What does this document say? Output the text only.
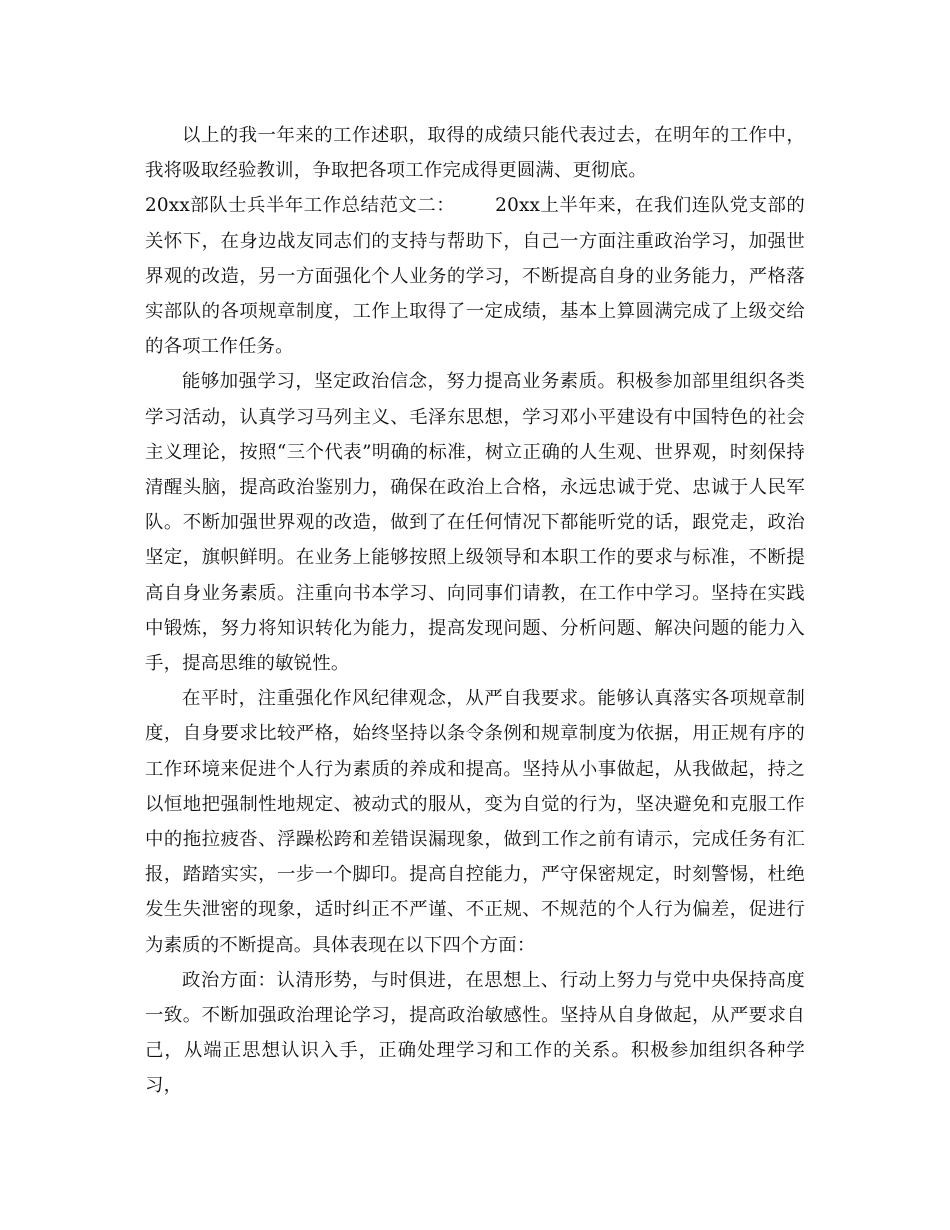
以上的我一年来的工作述职，取得的成绩只能代表过去，在明年的工作中，我将吸取经验教训，争取把各项工作完成得更圆满、更彻底。

20xx部队士兵半年工作总结范文二： 20xx上半年来，在我们连队党支部的关怀下，在身边战友同志们的支持与帮助下，自己一方面注重政治学习，加强世界观的改造，另一方面强化个人业务的学习，不断提高自身的业务能力，严格落实部队的各项规章制度，工作上取得了一定成绩，基本上算圆满完成了上级交给的各项工作任务。

能够加强学习，坚定政治信念，努力提高业务素质。积极参加部里组织各类学习活动，认真学习马列主义、毛泽东思想，学习邓小平建设有中国特色的社会主义理论，按照“三个代表”明确的标准，树立正确的人生观、世界观，时刻保持清醒头脑，提高政治鉴别力，确保在政治上合格，永远忠诚于党、忠诚于人民军队。不断加强世界观的改造，做到了在任何情况下都能听党的话，跟党走，政治坚定，旗帜鲜明。在业务上能够按照上级领导和本职工作的要求与标准，不断提高自身业务素质。注重向书本学习、向同事们请教，在工作中学习。坚持在实践中锻炼，努力将知识转化为能力，提高发现问题、分析问题、解决问题的能力入手，提高思维的敏锐性。

在平时，注重强化作风纪律观念，从严自我要求。能够认真落实各项规章制度，自身要求比较严格，始终坚持以条令条例和规章制度为依据，用正规有序的工作环境来促进个人行为素质的养成和提高。坚持从小事做起，从我做起，持之以恒地把强制性地规定、被动式的服从，变为自觉的行为，坚决避免和克服工作中的拖拉疲沓、浮躁松跨和差错误漏现象，做到工作之前有请示，完成任务有汇报，踏踏实实，一步一个脚印。提高自控能力，严守保密规定，时刻警惕，杜绝发生失泄密的现象，适时纠正不严谨、不正规、不规范的个人行为偏差，促进行为素质的不断提高。具体表现在以下四个方面：

政治方面：认清形势，与时俱进，在思想上、行动上努力与党中央保持高度一致。不断加强政治理论学习，提高政治敏感性。坚持从自身做起，从严要求自己，从端正思想认识入手，正确处理学习和工作的关系。积极参加组织各种学习，
